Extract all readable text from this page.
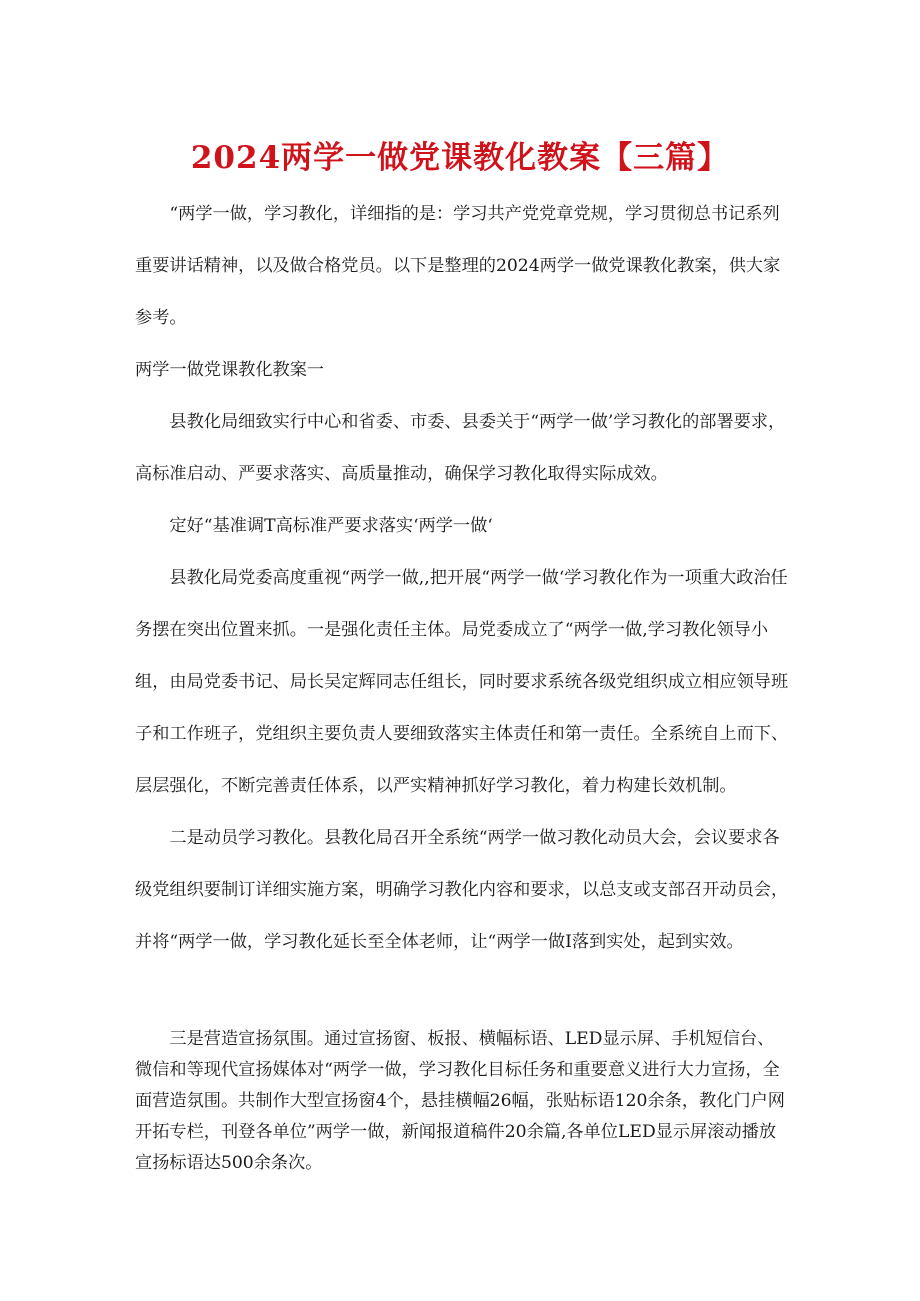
2024两学一做党课教化教案【三篇】

“两学一做，学习教化，详细指的是：学习共产党党章党规，学习贯彻总书记系列重要讲话精神，以及做合格党员。以下是整理的2024两学一做党课教化教案，供大家参考。

两学一做党课教化教案一

县教化局细致实行中心和省委、市委、县委关于“两学一做’学习教化的部署要求，高标准启动、严要求落实、高质量推动，确保学习教化取得实际成效。

定好“基准调T高标准严要求落实‘两学一做‘

县教化局党委高度重视“两学一做,,把开展“两学一做‘学习教化作为一项重大政治任务摆在突出位置来抓。一是强化责任主体。局党委成立了“两学一做,学习教化领导小组，由局党委书记、局长吴定辉同志任组长，同时要求系统各级党组织成立相应领导班子和工作班子，党组织主要负责人要细致落实主体责任和第一责任。全系统自上而下、层层强化，不断完善责任体系，以严实精神抓好学习教化，着力构建长效机制。

二是动员学习教化。县教化局召开全系统“两学一做习教化动员大会，会议要求各级党组织要制订详细实施方案，明确学习教化内容和要求，以总支或支部召开动员会，并将“两学一做，学习教化延长至全体老师，让“两学一做I落到实处，起到实效。

三是营造宣扬氛围。通过宣扬窗、板报、横幅标语、LED显示屏、手机短信台、微信和等现代宣扬媒体对“两学一做，学习教化目标任务和重要意义进行大力宣扬，全面营造氛围。共制作大型宣扬窗4个，悬挂横幅26幅，张贴标语120余条，教化门户网开拓专栏，刊登各单位”两学一做，新闻报道稿件20余篇,各单位LED显示屏滚动播放宣扬标语达500余条次。
